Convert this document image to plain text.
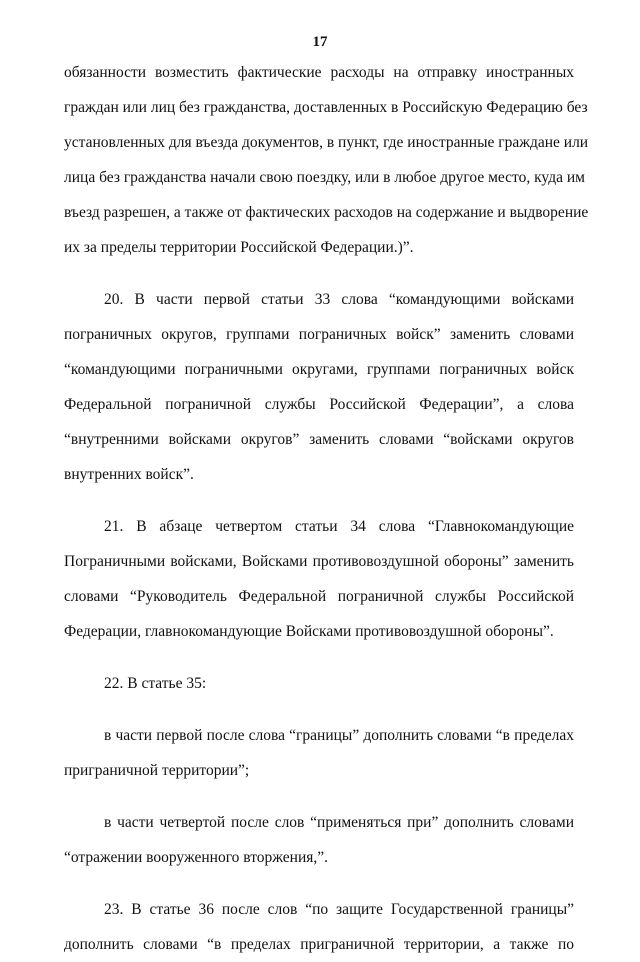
17
обязанности возместить фактические расходы на отправку иностранных
граждан или лиц без гражданства, доставленных в Российскую Федерацию без
установленных для въезда документов, в пункт, где иностранные граждане или
лица без гражданства начали свою поездку, или в любое другое место, куда им
въезд разрешен, а также от фактических расходов на содержание и выдворение
их за пределы территории Российской Федерации.)”.
20. В части первой статьи 33 слова “командующими войсками
пограничных округов, группами пограничных войск” заменить словами
“командующими пограничными округами, группами пограничных войск
Федеральной пограничной службы Российской Федерации”, а слова
“внутренними войсками округов” заменить словами “войсками округов
внутренних войск”.
21. В абзаце четвертом статьи 34 слова “Главнокомандующие
Пограничными войсками, Войсками противовоздушной обороны” заменить
словами “Руководитель Федеральной пограничной службы Российской
Федерации, главнокомандующие Войсками противовоздушной обороны”.
22. В статье 35:
в части первой после слова “границы” дополнить словами “в пределах
приграничной территории”;
в части четвертой после слов “применяться при” дополнить словами
“отражении вооруженного вторжения,”.
23. В статье 36 после слов “по защите Государственной границы”
дополнить словами “в пределах приграничной территории, а также по
